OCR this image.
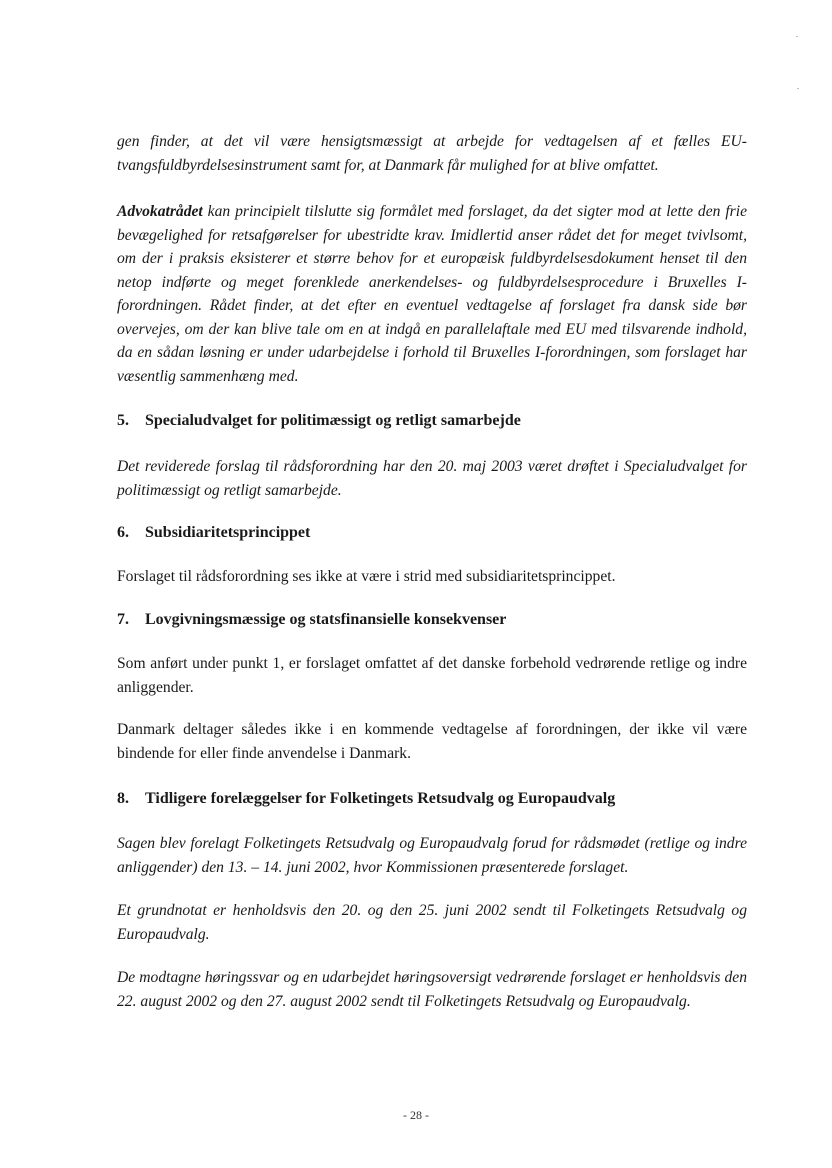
gen finder, at det vil være hensigtsmæssigt at arbejde for vedtagelsen af et fælles EU-tvangsfuldbyrdelsesinstrument samt for, at Danmark får mulighed for at blive omfattet.

Advokatrådet kan principielt tilslutte sig formålet med forslaget, da det sigter mod at lette den frie bevægelighed for retsafgørelser for ubestridte krav. Imidlertid anser rådet det for meget tvivlsomt, om der i praksis eksisterer et større behov for et europæisk fuldbyrdelsesdokument henset til den netop indførte og meget forenklede anerkendelses- og fuldbyrdelsesprocedure i Bruxelles I-forordningen. Rådet finder, at det efter en eventuel vedtagelse af forslaget fra dansk side bør overvejes, om der kan blive tale om en at indgå en parallelaftale med EU med tilsvarende indhold, da en sådan løsning er under udarbejdelse i forhold til Bruxelles I-forordningen, som forslaget har væsentlig sammenhæng med.

5. Specialudvalget for politimæssigt og retligt samarbejde

Det reviderede forslag til rådsforordning har den 20. maj 2003 været drøftet i Specialudvalget for politimæssigt og retligt samarbejde.

6. Subsidiaritetsprincippet

Forslaget til rådsforordning ses ikke at være i strid med subsidiaritetsprincippet.

7. Lovgivningsmæssige og statsfinansielle konsekvenser

Som anført under punkt 1, er forslaget omfattet af det danske forbehold vedrørende retlige og indre anliggender.

Danmark deltager således ikke i en kommende vedtagelse af forordningen, der ikke vil være bindende for eller finde anvendelse i Danmark.

8. Tidligere forelæggelser for Folketingets Retsudvalg og Europaudvalg

Sagen blev forelagt Folketingets Retsudvalg og Europaudvalg forud for rådsmødet (retlige og indre anliggender) den 13. – 14. juni 2002, hvor Kommissionen præsenterede forslaget.

Et grundnotat er henholdsvis den 20. og den 25. juni 2002 sendt til Folketingets Retsudvalg og Europaudvalg.

De modtagne høringssvar og en udarbejdet høringsoversigt vedrørende forslaget er henholdsvis den 22. august 2002 og den 27. august 2002 sendt til Folketingets Retsudvalg og Europaudvalg.

- 28 -
